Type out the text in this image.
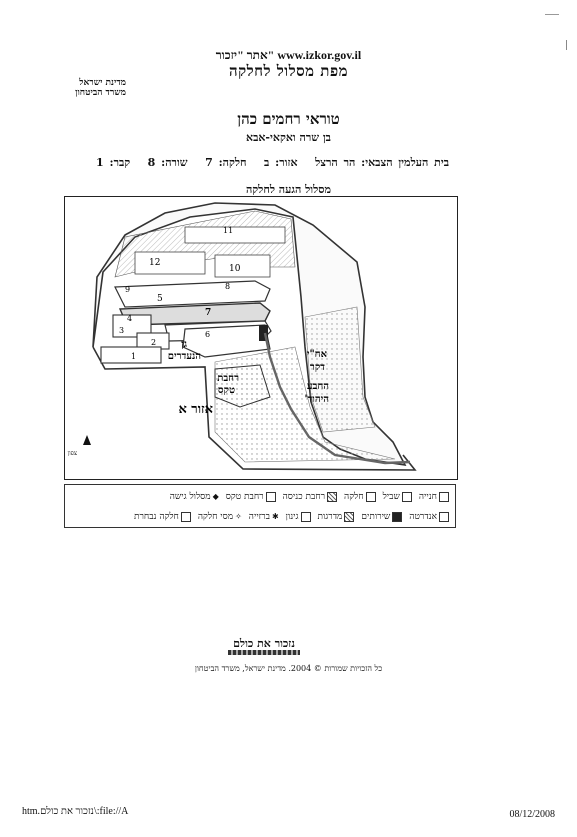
אתר "יזכור" www.izkor.gov.il
מפת מסלול לחלקה
מדינת ישראל
משרד הביטחון
טוראי רחמים כהן
בן שרה ואקאי-אבא
בית העלמין הצבאי: הר הרצל   אזור: ב   חלקה: 7   שורה: 8   קבר: 1
מסלול הגעה לחלקה
11
12
10
9	8
5
7
4
6
3
2
1
גן
הנעדרים
רחבת
טקס
אח"י
דקר
החבע
היהוד'
אזור א
צפון
חנייהשבילחלקהרחבת כניסהרחבת טקס◆מסלול גישה
אנדרטהשירותיםמדרגותגינון✱ברזייה✧מסי חלקהחלקה נבחרת
נזכור את כולם
כל הזכויות שמורות © 2004. מדינת ישראל, משרד הביטחון
htm.נזכור את כולם\:file://A	08/12/2008
